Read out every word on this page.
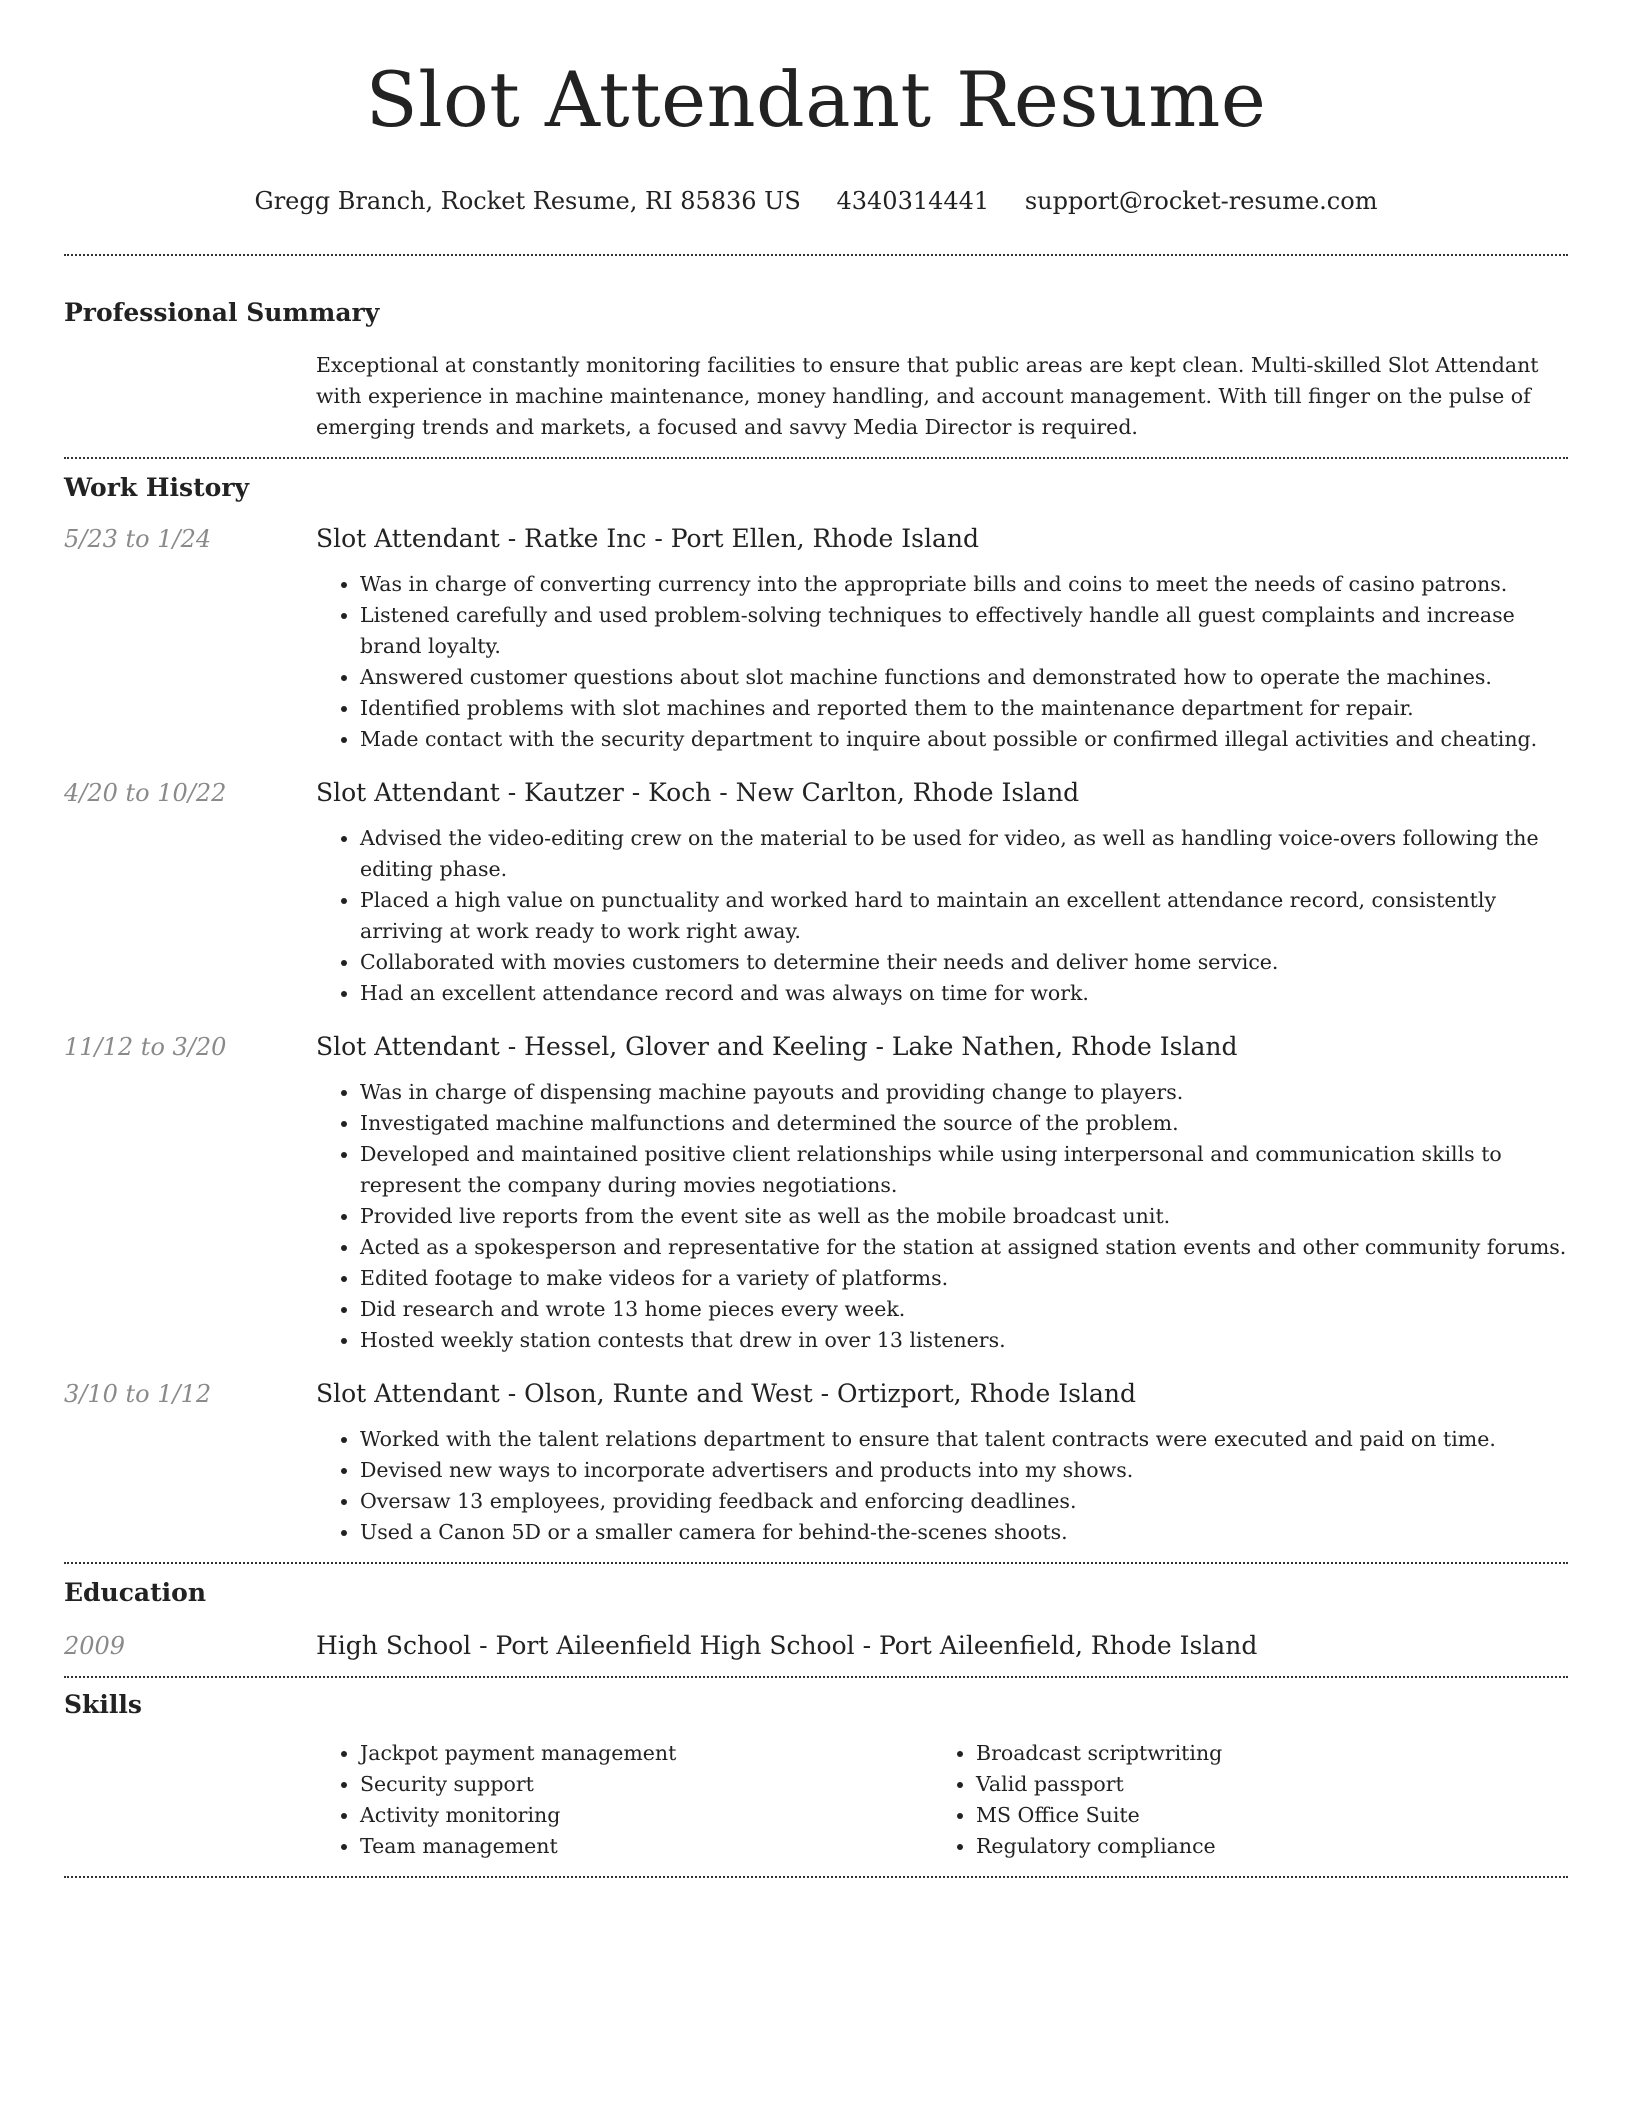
Slot Attendant Resume
Gregg Branch, Rocket Resume, RI 85836 US 4340314441 support@rocket-resume.com
Professional Summary

Exceptional at constantly monitoring facilities to ensure that public areas are kept clean. Multi-skilled Slot Attendant with experience in machine maintenance, money handling, and account management. With till finger on the pulse of emerging trends and markets, a focused and savvy Media Director is required.

Work History
5/23 to 1/24	Slot Attendant - Ratke Inc - Port Ellen, Rhode Island
• Was in charge of converting currency into the appropriate bills and coins to meet the needs of casino patrons.
• Listened carefully and used problem-solving techniques to effectively handle all guest complaints and increase brand loyalty.
• Answered customer questions about slot machine functions and demonstrated how to operate the machines.
• Identified problems with slot machines and reported them to the maintenance department for repair.
• Made contact with the security department to inquire about possible or confirmed illegal activities and cheating.
4/20 to 10/22	Slot Attendant - Kautzer - Koch - New Carlton, Rhode Island
• Advised the video-editing crew on the material to be used for video, as well as handling voice-overs following the editing phase.
• Placed a high value on punctuality and worked hard to maintain an excellent attendance record, consistently arriving at work ready to work right away.
• Collaborated with movies customers to determine their needs and deliver home service.
• Had an excellent attendance record and was always on time for work.
11/12 to 3/20	Slot Attendant - Hessel, Glover and Keeling - Lake Nathen, Rhode Island
• Was in charge of dispensing machine payouts and providing change to players.
• Investigated machine malfunctions and determined the source of the problem.
• Developed and maintained positive client relationships while using interpersonal and communication skills to represent the company during movies negotiations.
• Provided live reports from the event site as well as the mobile broadcast unit.
• Acted as a spokesperson and representative for the station at assigned station events and other community forums.
• Edited footage to make videos for a variety of platforms.
• Did research and wrote 13 home pieces every week.
• Hosted weekly station contests that drew in over 13 listeners.
3/10 to 1/12	Slot Attendant - Olson, Runte and West - Ortizport, Rhode Island
• Worked with the talent relations department to ensure that talent contracts were executed and paid on time.
• Devised new ways to incorporate advertisers and products into my shows.
• Oversaw 13 employees, providing feedback and enforcing deadlines.
• Used a Canon 5D or a smaller camera for behind-the-scenes shoots.
Education
2009	High School - Port Aileenfield High School - Port Aileenfield, Rhode Island
Skills
• Jackpot payment management
• Security support
• Activity monitoring
• Team management
• Broadcast scriptwriting
• Valid passport
• MS Office Suite
• Regulatory compliance
